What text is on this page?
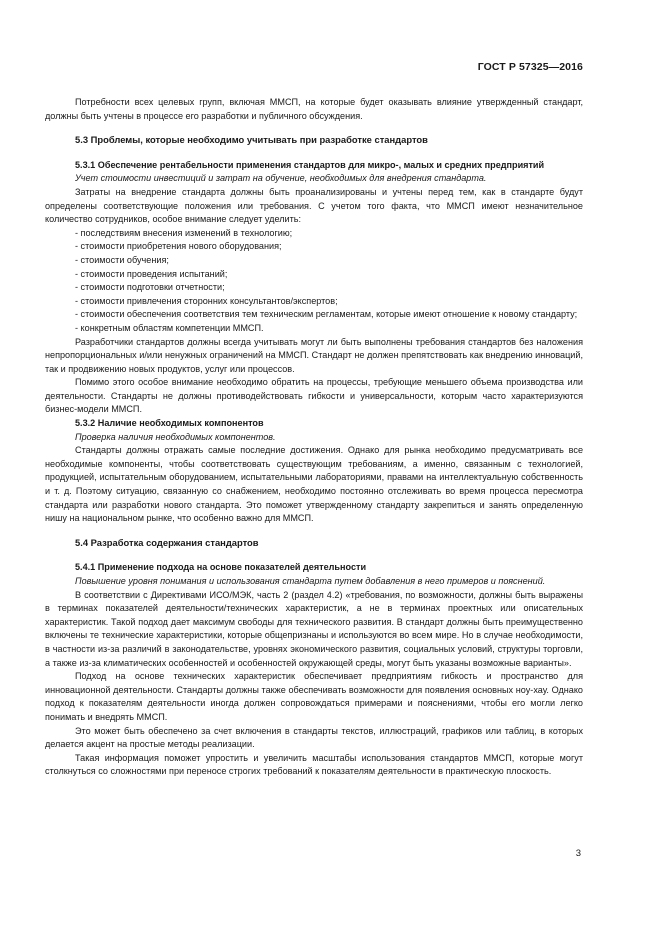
ГОСТ Р 57325—2016

Потребности всех целевых групп, включая ММСП, на которые будет оказывать влияние утвержденный стандарт, должны быть учтены в процессе его разработки и публичного обсуждения.

5.3 Проблемы, которые необходимо учитывать при разработке стандартов

5.3.1 Обеспечение рентабельности применения стандартов для микро-, малых и средних предприятий

Учет стоимости инвестиций и затрат на обучение, необходимых для внедрения стандарта.

Затраты на внедрение стандарта должны быть проанализированы и учтены перед тем, как в стандарте будут определены соответствующие положения или требования. С учетом того факта, что ММСП имеют незначительное количество сотрудников, особое внимание следует уделить:

- последствиям внесения изменений в технологию;
- стоимости приобретения нового оборудования;
- стоимости обучения;
- стоимости проведения испытаний;
- стоимости подготовки отчетности;
- стоимости привлечения сторонних консультантов/экспертов;
- стоимости обеспечения соответствия тем техническим регламентам, которые имеют отношение к новому стандарту;
- конкретным областям компетенции ММСП.

Разработчики стандартов должны всегда учитывать могут ли быть выполнены требования стандартов без наложения непропорциональных и/или ненужных ограничений на ММСП. Стандарт не должен препятствовать как внедрению инноваций, так и продвижению новых продуктов, услуг или процессов.

Помимо этого особое внимание необходимо обратить на процессы, требующие меньшего объема производства или деятельности. Стандарты не должны противодействовать гибкости и универсальности, которым часто характеризуются бизнес-модели ММСП.

5.3.2 Наличие необходимых компонентов

Проверка наличия необходимых компонентов.

Стандарты должны отражать самые последние достижения. Однако для рынка необходимо предусматривать все необходимые компоненты, чтобы соответствовать существующим требованиям, а именно, связанным с технологией, продукцией, испытательным оборудованием, испытательными лабораториями, правами на интеллектуальную собственность и т. д. Поэтому ситуацию, связанную со снабжением, необходимо постоянно отслеживать во время процесса пересмотра стандарта или разработки нового стандарта. Это поможет утвержденному стандарту закрепиться и занять определенную нишу на национальном рынке, что особенно важно для ММСП.

5.4 Разработка содержания стандартов

5.4.1 Применение подхода на основе показателей деятельности

Повышение уровня понимания и использования стандарта путем добавления в него примеров и пояснений.

В соответствии с Директивами ИСО/МЭК, часть 2 (раздел 4.2) «требования, по возможности, должны быть выражены в терминах показателей деятельности/технических характеристик, а не в терминах проектных или описательных характеристик. Такой подход дает максимум свободы для технического развития. В стандарт должны быть преимущественно включены те технические характеристики, которые общепризнаны и используются во всем мире. Но в случае необходимости, в частности из-за различий в законодательстве, уровнях экономического развития, социальных условий, структуры торговли, а также из-за климатических особенностей и особенностей окружающей среды, могут быть указаны возможные варианты».

Подход на основе технических характеристик обеспечивает предприятиям гибкость и пространство для инновационной деятельности. Стандарты должны также обеспечивать возможности для появления основных ноу-хау. Однако подход к показателям деятельности иногда должен сопровождаться примерами и пояснениями, чтобы его могли легко понимать и внедрять ММСП.

Это может быть обеспечено за счет включения в стандарты текстов, иллюстраций, графиков или таблиц, в которых делается акцент на простые методы реализации.

Такая информация поможет упростить и увеличить масштабы использования стандартов ММСП, которые могут столкнуться со сложностями при переносе строгих требований к показателям деятельности в практическую плоскость.

3
